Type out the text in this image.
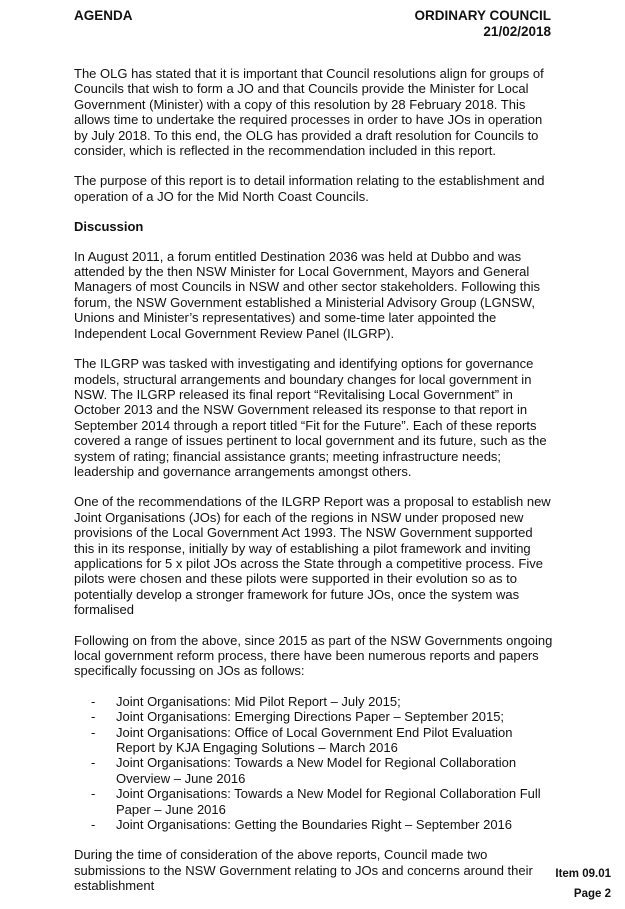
AGENDA	ORDINARY COUNCIL
21/02/2018

The OLG has stated that it is important that Council resolutions align for groups of Councils that wish to form a JO and that Councils provide the Minister for Local Government (Minister) with a copy of this resolution by 28 February 2018. This allows time to undertake the required processes in order to have JOs in operation by July 2018. To this end, the OLG has provided a draft resolution for Councils to consider, which is reflected in the recommendation included in this report.

The purpose of this report is to detail information relating to the establishment and operation of a JO for the Mid North Coast Councils.

Discussion

In August 2011, a forum entitled Destination 2036 was held at Dubbo and was attended by the then NSW Minister for Local Government, Mayors and General Managers of most Councils in NSW and other sector stakeholders. Following this forum, the NSW Government established a Ministerial Advisory Group (LGNSW, Unions and Minister’s representatives) and some-time later appointed the Independent Local Government Review Panel (ILGRP).

The ILGRP was tasked with investigating and identifying options for governance models, structural arrangements and boundary changes for local government in NSW. The ILGRP released its final report “Revitalising Local Government” in October 2013 and the NSW Government released its response to that report in September 2014 through a report titled “Fit for the Future”. Each of these reports covered a range of issues pertinent to local government and its future, such as the system of rating; financial assistance grants; meeting infrastructure needs; leadership and governance arrangements amongst others.

One of the recommendations of the ILGRP Report was a proposal to establish new Joint Organisations (JOs) for each of the regions in NSW under proposed new provisions of the Local Government Act 1993. The NSW Government supported this in its response, initially by way of establishing a pilot framework and inviting applications for 5 x pilot JOs across the State through a competitive process. Five pilots were chosen and these pilots were supported in their evolution so as to potentially develop a stronger framework for future JOs, once the system was formalised

Following on from the above, since 2015 as part of the NSW Governments ongoing local government reform process, there have been numerous reports and papers specifically focussing on JOs as follows:

- Joint Organisations: Mid Pilot Report – July 2015;
- Joint Organisations: Emerging Directions Paper – September 2015;
- Joint Organisations: Office of Local Government End Pilot Evaluation Report by KJA Engaging Solutions – March 2016
- Joint Organisations: Towards a New Model for Regional Collaboration Overview – June 2016
- Joint Organisations: Towards a New Model for Regional Collaboration Full Paper – June 2016
- Joint Organisations: Getting the Boundaries Right – September 2016

During the time of consideration of the above reports, Council made two submissions to the NSW Government relating to JOs and concerns around their establishment

Item 09.01
Page 2
